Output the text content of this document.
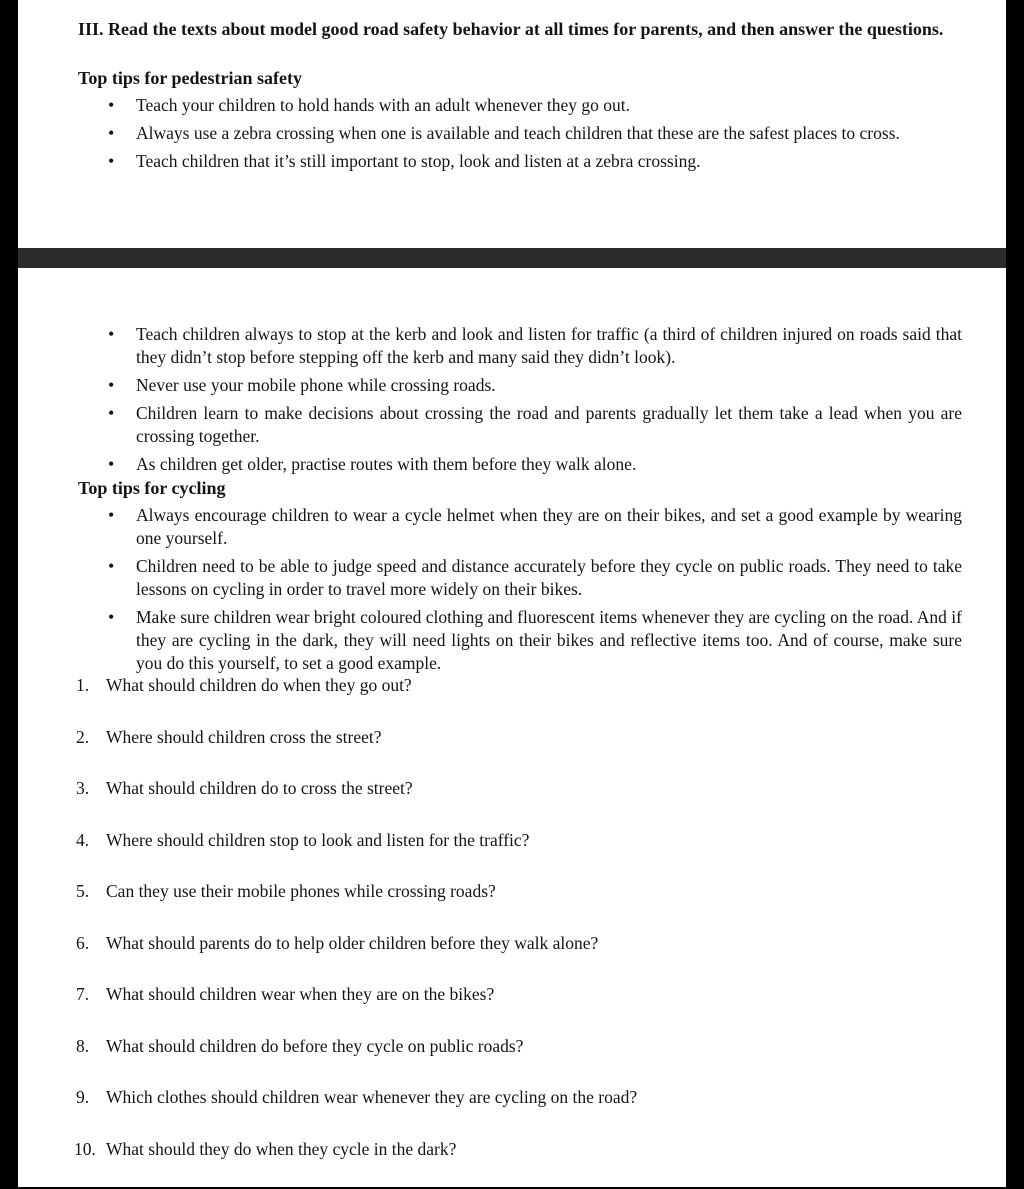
III. Read the texts about model good road safety behavior at all times for parents, and then answer the questions.

Top tips for pedestrian safety

• Teach your children to hold hands with an adult whenever they go out.
• Always use a zebra crossing when one is available and teach children that these are the safest places to cross.
• Teach children that it’s still important to stop, look and listen at a zebra crossing.
• Teach children always to stop at the kerb and look and listen for traffic (a third of children injured on roads said that they didn’t stop before stepping off the kerb and many said they didn’t look).
• Never use your mobile phone while crossing roads.
• Children learn to make decisions about crossing the road and parents gradually let them take a lead when you are crossing together.
• As children get older, practise routes with them before they walk alone.

Top tips for cycling

• Always encourage children to wear a cycle helmet when they are on their bikes, and set a good example by wearing one yourself.
• Children need to be able to judge speed and distance accurately before they cycle on public roads. They need to take lessons on cycling in order to travel more widely on their bikes.
• Make sure children wear bright coloured clothing and fluorescent items whenever they are cycling on the road. And if they are cycling in the dark, they will need lights on their bikes and reflective items too. And of course, make sure you do this yourself, to set a good example.
1. What should children do when they go out?
2. Where should children cross the street?
3. What should children do to cross the street?
4. Where should children stop to look and listen for the traffic?
5. Can they use their mobile phones while crossing roads?
6. What should parents do to help older children before they walk alone?
7. What should children wear when they are on the bikes?
8. What should children do before they cycle on public roads?
9. Which clothes should children wear whenever they are cycling on the road?
10. What should they do when they cycle in the dark?
